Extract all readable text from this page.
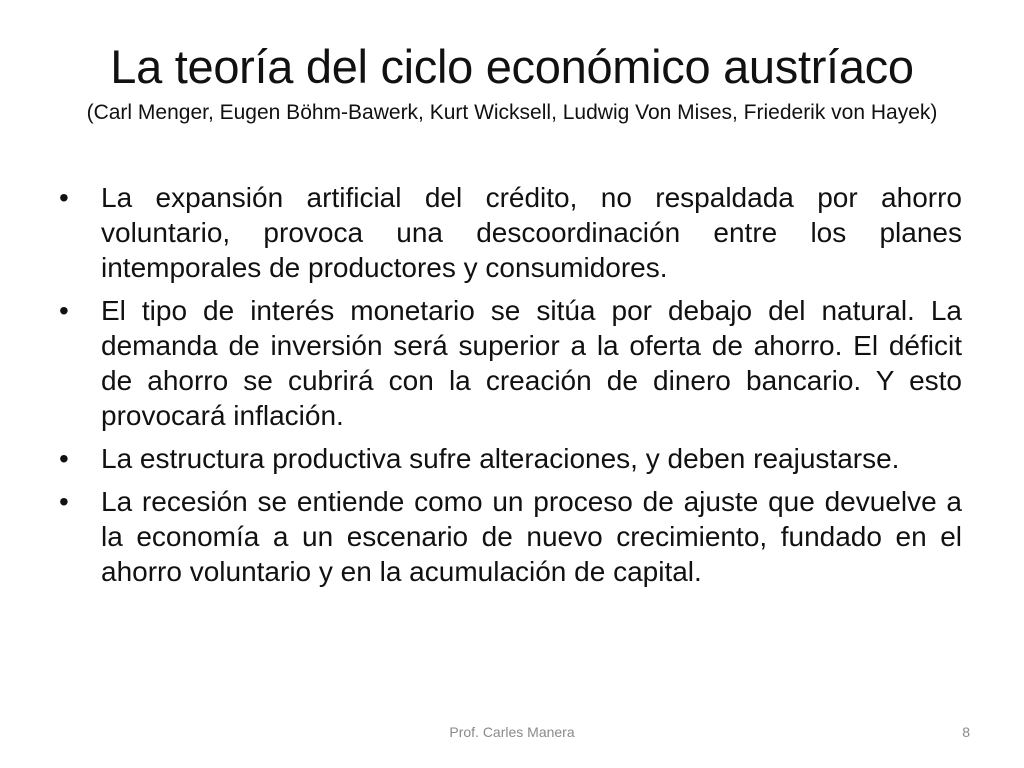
La teoría del ciclo económico austríaco

(Carl Menger, Eugen Böhm-Bawerk, Kurt Wicksell, Ludwig Von Mises, Friederik von Hayek)

• La expansión artificial del crédito, no respaldada por ahorro voluntario, provoca una descoordinación entre los planes intemporales de productores y consumidores.
• El tipo de interés monetario se sitúa por debajo del natural. La demanda de inversión será superior a la oferta de ahorro. El déficit de ahorro se cubrirá con la creación de dinero bancario. Y esto provocará inflación.
• La estructura productiva sufre alteraciones, y deben reajustarse.
• La recesión se entiende como un proceso de ajuste que devuelve a la economía a un escenario de nuevo crecimiento, fundado en el ahorro voluntario y en la acumulación de capital.
Prof. Carles Manera	8
